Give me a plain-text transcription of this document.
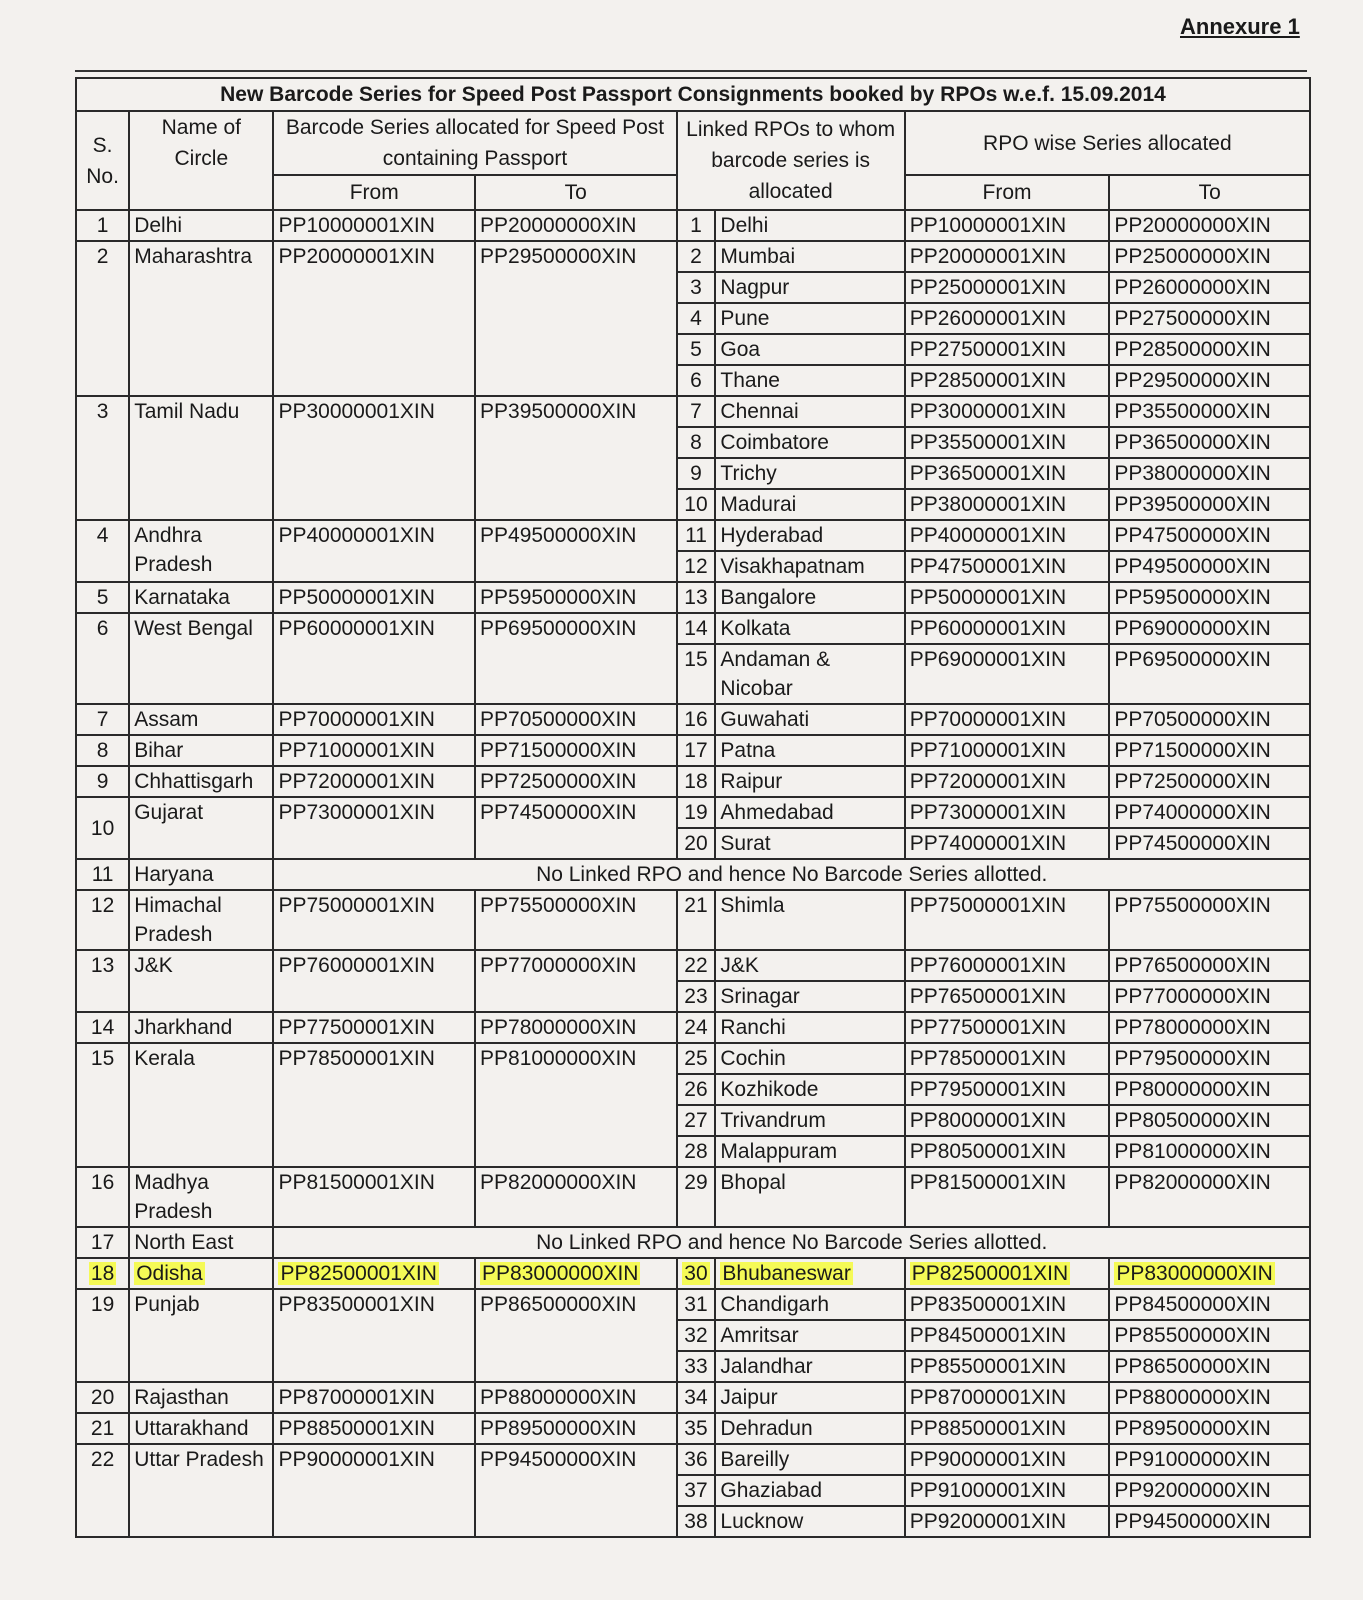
Annexure 1
New Barcode Series for Speed Post Passport Consignments booked by RPOs w.e.f. 15.09.2014							
S. No.	Name of Circle	Barcode Series allocated for Speed Post containing Passport		Linked RPOs to whom barcode series is allocated		RPO wise Series allocated	
		From	To			From	To
1	Delhi	PP10000001XIN	PP20000000XIN	1	Delhi	PP10000001XIN	PP20000000XIN
2	Maharashtra	PP20000001XIN	PP29500000XIN	2	Mumbai	PP20000001XIN	PP25000000XIN
				3	Nagpur	PP25000001XIN	PP26000000XIN
				4	Pune	PP26000001XIN	PP27500000XIN
				5	Goa	PP27500001XIN	PP28500000XIN
				6	Thane	PP28500001XIN	PP29500000XIN
3	Tamil Nadu	PP30000001XIN	PP39500000XIN	7	Chennai	PP30000001XIN	PP35500000XIN
				8	Coimbatore	PP35500001XIN	PP36500000XIN
				9	Trichy	PP36500001XIN	PP38000000XIN
				10	Madurai	PP38000001XIN	PP39500000XIN
4	Andhra Pradesh	PP40000001XIN	PP49500000XIN	11	Hyderabad	PP40000001XIN	PP47500000XIN
				12	Visakhapatnam	PP47500001XIN	PP49500000XIN
5	Karnataka	PP50000001XIN	PP59500000XIN	13	Bangalore	PP50000001XIN	PP59500000XIN
6	West Bengal	PP60000001XIN	PP69500000XIN	14	Kolkata	PP60000001XIN	PP69000000XIN
				15	Andaman & Nicobar	PP69000001XIN	PP69500000XIN
7	Assam	PP70000001XIN	PP70500000XIN	16	Guwahati	PP70000001XIN	PP70500000XIN
8	Bihar	PP71000001XIN	PP71500000XIN	17	Patna	PP71000001XIN	PP71500000XIN
9	Chhattisgarh	PP72000001XIN	PP72500000XIN	18	Raipur	PP72000001XIN	PP72500000XIN
10	Gujarat	PP73000001XIN	PP74500000XIN	19	Ahmedabad	PP73000001XIN	PP74000000XIN
				20	Surat	PP74000001XIN	PP74500000XIN
11	Haryana	No Linked RPO and hence No Barcode Series allotted.					
12	Himachal Pradesh	PP75000001XIN	PP75500000XIN	21	Shimla	PP75000001XIN	PP75500000XIN
13	J&K	PP76000001XIN	PP77000000XIN	22	J&K	PP76000001XIN	PP76500000XIN
				23	Srinagar	PP76500001XIN	PP77000000XIN
14	Jharkhand	PP77500001XIN	PP78000000XIN	24	Ranchi	PP77500001XIN	PP78000000XIN
15	Kerala	PP78500001XIN	PP81000000XIN	25	Cochin	PP78500001XIN	PP79500000XIN
				26	Kozhikode	PP79500001XIN	PP80000000XIN
				27	Trivandrum	PP80000001XIN	PP80500000XIN
				28	Malappuram	PP80500001XIN	PP81000000XIN
16	Madhya Pradesh	PP81500001XIN	PP82000000XIN	29	Bhopal	PP81500001XIN	PP82000000XIN
17	North East	No Linked RPO and hence No Barcode Series allotted.					
18	Odisha	PP82500001XIN	PP83000000XIN	30	Bhubaneswar	PP82500001XIN	PP83000000XIN
19	Punjab	PP83500001XIN	PP86500000XIN	31	Chandigarh	PP83500001XIN	PP84500000XIN
				32	Amritsar	PP84500001XIN	PP85500000XIN
				33	Jalandhar	PP85500001XIN	PP86500000XIN
20	Rajasthan	PP87000001XIN	PP88000000XIN	34	Jaipur	PP87000001XIN	PP88000000XIN
21	Uttarakhand	PP88500001XIN	PP89500000XIN	35	Dehradun	PP88500001XIN	PP89500000XIN
22	Uttar Pradesh	PP90000001XIN	PP94500000XIN	36	Bareilly	PP90000001XIN	PP91000000XIN
				37	Ghaziabad	PP91000001XIN	PP92000000XIN
				38	Lucknow	PP92000001XIN	PP94500000XIN
